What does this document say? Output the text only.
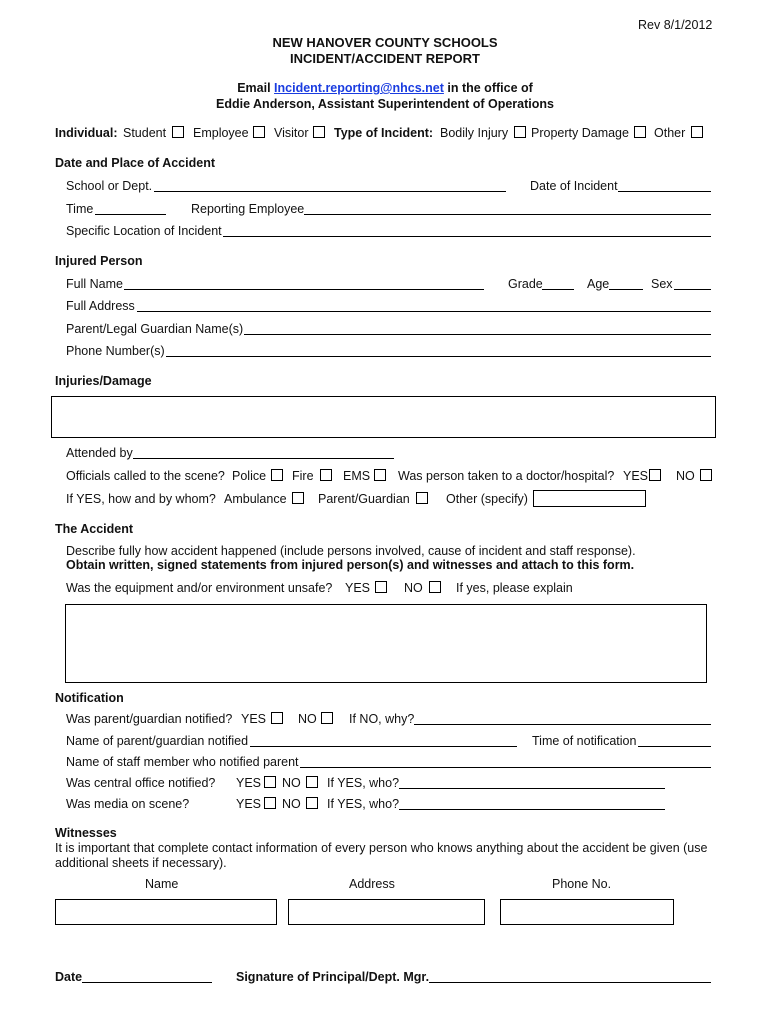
Rev 8/1/2012
NEW HANOVER COUNTY SCHOOLS
INCIDENT/ACCIDENT REPORT
Email Incident.reporting@nhcs.net in the office of
Eddie Anderson, Assistant Superintendent of Operations
Individual: Student Employee Visitor Type of Incident: Bodily Injury Property Damage Other
Date and Place of Accident
School or Dept.	Date of Incident
Time	Reporting Employee
Specific Location of Incident
Injured Person
Full Name	Grade	Age	Sex
Full Address
Parent/Legal Guardian Name(s)
Phone Number(s)
Injuries/Damage
Attended by
Officials called to the scene? Police Fire EMS Was person taken to a doctor/hospital? YES NO
If YES, how and by whom? Ambulance	Parent/Guardian	Other (specify)
The Accident
Describe fully how accident happened (include persons involved, cause of incident and staff response).
Obtain written, signed statements from injured person(s) and witnesses and attach to this form.
Was the equipment and/or environment unsafe? YES	NO	If yes, please explain
Notification
Was parent/guardian notified? YES	NO	If NO, why?
Name of parent/guardian notified	Time of notification
Name of staff member who notified parent
Was central office notified? YES NO If YES, who?
Was media on scene?	YES NO If YES, who?
Witnesses
It is important that complete contact information of every person who knows anything about the accident be given (use
additional sheets if necessary).
Name	Address	Phone No.
Date	Signature of Principal/Dept. Mgr.
